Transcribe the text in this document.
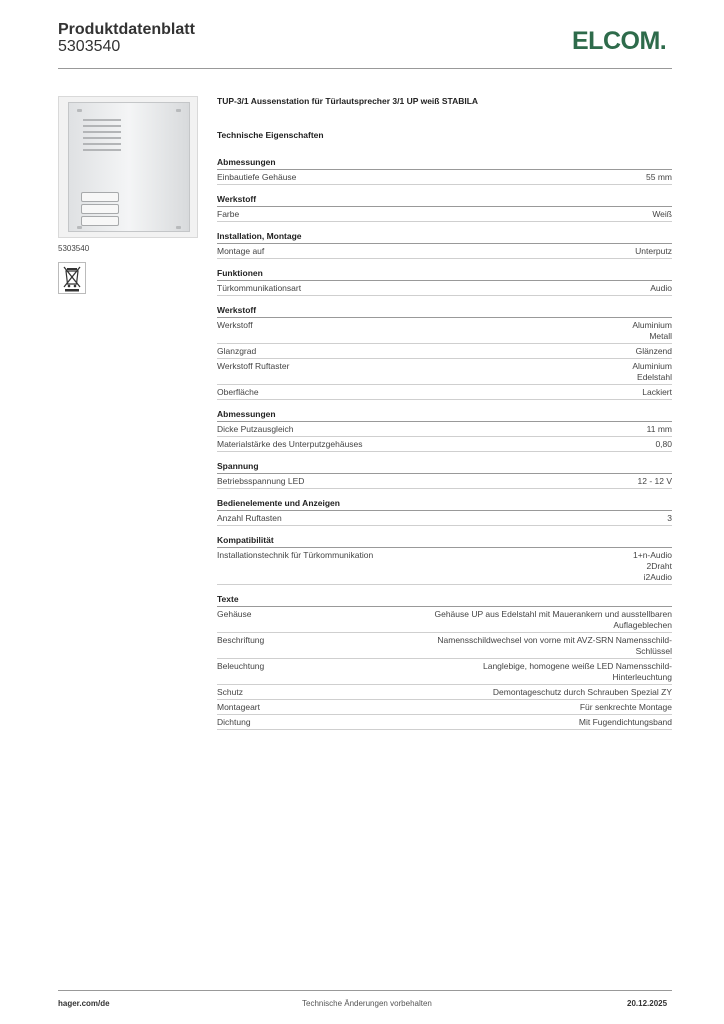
Produktdatenblatt
5303540	ELCOM.
5303540
TUP-3/1 Aussenstation für Türlautsprecher 3/1 UP weiß STABILA
Technische Eigenschaften
Abmessungen
Einbautiefe Gehäuse	55 mm
Werkstoff
Farbe	Weiß
Installation, Montage
Montage auf	Unterputz
Funktionen
Türkommunikationsart	Audio
Werkstoff
Werkstoff	Aluminium
Metall
Glanzgrad	Glänzend
Werkstoff Ruftaster	Aluminium
Edelstahl
Oberfläche	Lackiert
Abmessungen
Dicke Putzausgleich	11 mm
Materialstärke des Unterputzgehäuses	0,80
Spannung
Betriebsspannung LED	12 - 12 V
Bedienelemente und Anzeigen
Anzahl Ruftasten	3
Kompatibilität
Installationstechnik für Türkommunikation	1+n-Audio
2Draht
i2Audio
Texte
Gehäuse	Gehäuse UP aus Edelstahl mit Mauerankern und ausstellbaren
Auflageblechen
Beschriftung	Namensschildwechsel von vorne mit AVZ-SRN Namensschild-
Schlüssel
Beleuchtung	Langlebige, homogene weiße LED Namensschild-
Hinterleuchtung
Schutz	Demontageschutz durch Schrauben Spezial ZY
Montageart	Für senkrechte Montage
Dichtung	Mit Fugendichtungsband
hager.com/de	Technische Änderungen vorbehalten	20.12.2025
